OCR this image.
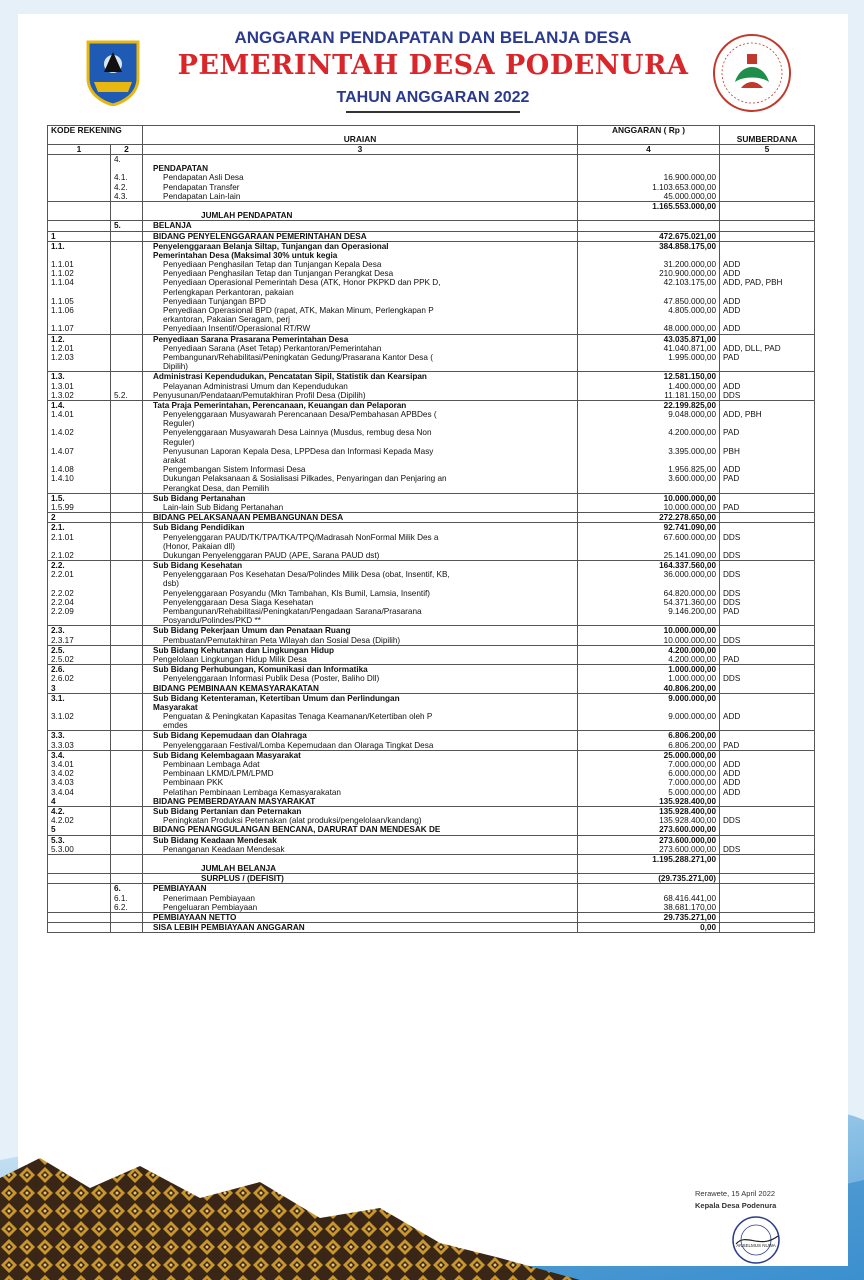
ANGGARAN PENDAPATAN DAN BELANJA DESA
PEMERINTAH DESA PODENURA
TAHUN ANGGARAN 2022
KODE REKENING		URAIAN	ANGGARAN ( Rp )	SUMBERDANA
1	2	3	4	5
	4.			
		PENDAPATAN		
	4.1.	Pendapatan Asli Desa	16.900.000,00	
	4.2.	Pendapatan Transfer	1.103.653.000,00	
	4.3.	Pendapatan Lain-lain	45.000.000,00	
			1.165.553.000,00	
		JUMLAH PENDAPATAN		
	5.	BELANJA		
1		BIDANG PENYELENGGARAAN PEMERINTAHAN DESA	472.675.021,00	
1.1.		Penyelenggaraan Belanja Siltap, Tunjangan dan Operasional	384.858.175,00	
		Pemerintahan Desa (Maksimal 30% untuk kegia		
1.1.01		Penyediaan Penghasilan Tetap dan Tunjangan Kepala Desa	31.200.000,00	ADD
1.1.02		Penyediaan Penghasilan Tetap dan Tunjangan Perangkat Desa	210.900.000,00	ADD
1.1.04		Penyediaan Operasional Pemerintah Desa (ATK, Honor PKPKD dan PPK D,	42.103.175,00	ADD, PAD, PBH
		Perlengkapan Perkantoran, pakaian		
1.1.05		Penyediaan Tunjangan BPD	47.850.000,00	ADD
1.1.06		Penyediaan Operasional BPD (rapat, ATK, Makan Minum, Perlengkapan P	4.805.000,00	ADD
		erkantoran, Pakaian Seragam, perj		
1.1.07		Penyediaan Insentif/Operasional RT/RW	48.000.000,00	ADD
1.2.		Penyediaan Sarana Prasarana Pemerintahan Desa	43.035.871,00	
1.2.01		Penyediaan Sarana (Aset Tetap) Perkantoran/Pemerintahan	41.040.871,00	ADD, DLL, PAD
1.2.03		Pembangunan/Rehabilitasi/Peningkatan Gedung/Prasarana Kantor Desa (	1.995.000,00	PAD
		Dipilih)		
1.3.		Administrasi Kependudukan, Pencatatan Sipil, Statistik dan Kearsipan	12.581.150,00	
1.3.01		Pelayanan Administrasi Umum dan Kependudukan	1.400.000,00	ADD
1.3.02	5.2.	Penyusunan/Pendataan/Pemutakhiran Profil Desa (Dipilih)	11.181.150,00	DDS
1.4.		Tata Praja Pemerintahan, Perencanaan, Keuangan dan Pelaporan	22.199.825,00	
1.4.01		Penyelenggaraan Musyawarah Perencanaan Desa/Pembahasan APBDes (	9.048.000,00	ADD, PBH
		Reguler)		
1.4.02		Penyelenggaraan Musyawarah Desa Lainnya (Musdus, rembug desa Non	4.200.000,00	PAD
		Reguler)		
1.4.07		Penyusunan Laporan Kepala Desa, LPPDesa dan Informasi Kepada Masy	3.395.000,00	PBH
		arakat		
1.4.08		Pengembangan Sistem Informasi Desa	1.956.825,00	ADD
1.4.10		Dukungan Pelaksanaan & Sosialisasi Pilkades, Penyaringan dan Penjaring an	3.600.000,00	PAD
		Perangkat Desa, dan Pemilih		
1.5.		Sub Bidang Pertanahan	10.000.000,00	
1.5.99		Lain-lain Sub Bidang Pertanahan	10.000.000,00	PAD
2		BIDANG PELAKSANAAN PEMBANGUNAN DESA	272.278.650,00	
2.1.		Sub Bidang Pendidikan	92.741.090,00	
2.1.01		Penyelenggaran PAUD/TK/TPA/TKA/TPQ/Madrasah NonFormal Milik Des a	67.600.000,00	DDS
		(Honor, Pakaian dll)		
2.1.02		Dukungan Penyelenggaran PAUD (APE, Sarana PAUD dst)	25.141.090,00	DDS
2.2.		Sub Bidang Kesehatan	164.337.560,00	
2.2.01		Penyelenggaraan Pos Kesehatan Desa/Polindes Milik Desa (obat, Insentif, KB,	36.000.000,00	DDS
		dsb)		
2.2.02		Penyelenggaraan Posyandu (Mkn Tambahan, Kls Bumil, Lamsia, Insentif)	64.820.000,00	DDS
2.2.04		Penyelenggaraan Desa Siaga Kesehatan	54.371.360,00	DDS
2.2.09		Pembangunan/Rehabilitasi/Peningkatan/Pengadaan Sarana/Prasarana	9.146.200,00	PAD
		Posyandu/Polindes/PKD **		
2.3.		Sub Bidang Pekerjaan Umum dan Penataan Ruang	10.000.000,00	
2.3.17		Pembuatan/Pemutakhiran Peta Wilayah dan Sosial Desa (Dipilih)	10.000.000,00	DDS
2.5.		Sub Bidang Kehutanan dan Lingkungan Hidup	4.200.000,00	
2.5.02		Pengelolaan Lingkungan Hidup Milik Desa	4.200.000,00	PAD
2.6.		Sub Bidang Perhubungan, Komunikasi dan Informatika	1.000.000,00	
2.6.02		Penyelenggaraan Informasi Publik Desa (Poster, Baliho Dll)	1.000.000,00	DDS
3		BIDANG PEMBINAAN KEMASYARAKATAN	40.806.200,00	
3.1.		Sub Bidang Ketenteraman, Ketertiban Umum dan Perlindungan	9.000.000,00	
		Masyarakat		
3.1.02		Penguatan & Peningkatan Kapasitas Tenaga Keamanan/Ketertiban oleh P	9.000.000,00	ADD
		emdes		
3.3.		Sub Bidang Kepemudaan dan Olahraga	6.806.200,00	
3.3.03		Penyelenggaraan Festival/Lomba Kepemudaan dan Olaraga Tingkat Desa	6.806.200,00	PAD
3.4.		Sub Bidang Kelembagaan Masyarakat	25.000.000,00	
3.4.01		Pembinaan Lembaga Adat	7.000.000,00	ADD
3.4.02		Pembinaan LKMD/LPM/LPMD	6.000.000,00	ADD
3.4.03		Pembinaan PKK	7.000.000,00	ADD
3.4.04		Pelatihan Pembinaan Lembaga Kemasyarakatan	5.000.000,00	ADD
4		BIDANG PEMBERDAYAAN MASYARAKAT	135.928.400,00	
4.2.		Sub Bidang Pertanian dan Peternakan	135.928.400,00	
4.2.02		Peningkatan Produksi Peternakan (alat produksi/pengelolaan/kandang)	135.928.400,00	DDS
5		BIDANG PENANGGULANGAN BENCANA, DARURAT DAN MENDESAK DE	273.600.000,00	
5.3.		Sub Bidang Keadaan Mendesak	273.600.000,00	
5.3.00		Penanganan Keadaan Mendesak	273.600.000,00	DDS
			1.195.288.271,00	
		JUMLAH BELANJA		
		SURPLUS / (DEFISIT)	(29.735.271,00)	
	6.	PEMBIAYAAN		
	6.1.	Penerimaan Pembiayaan	68.416.441,00	
	6.2.	Pengeluaran Pembiayaan	38.681.170,00	
		PEMBIAYAAN NETTO	29.735.271,00	
		SISA LEBIH PEMBIAYAAN ANGGARAN	0,00	
Rerawete, 15 April 2022
Kepala Desa Podenura
ANSELMUS NUWA
